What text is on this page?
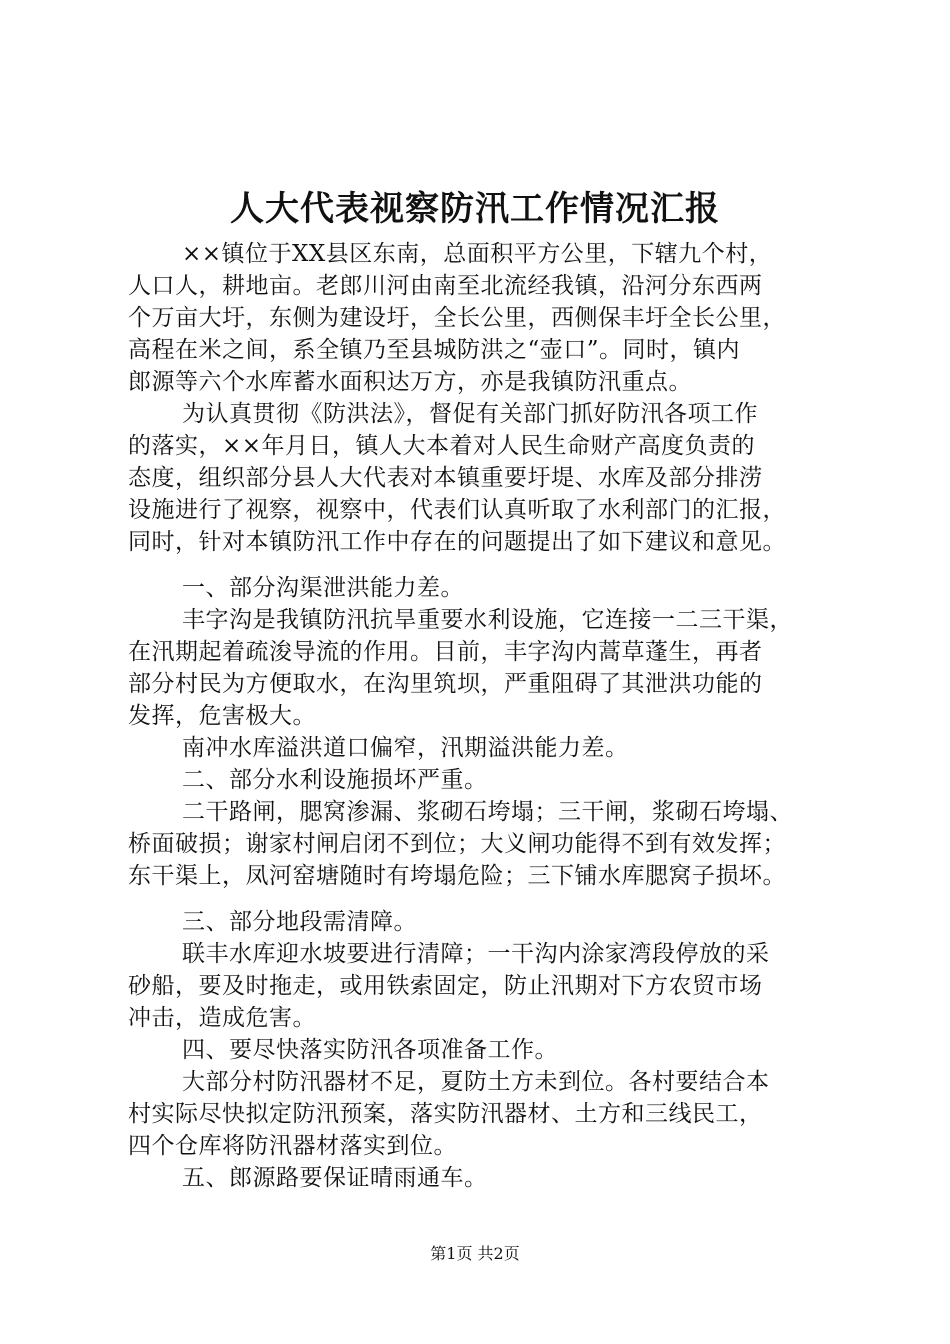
人大代表视察防汛工作情况汇报
××镇位于XX县区东南，总面积平方公里，下辖九个村，
人口人，耕地亩。老郎川河由南至北流经我镇，沿河分东西两
个万亩大圩，东侧为建设圩，全长公里，西侧保丰圩全长公里，
高程在米之间，系全镇乃至县城防洪之“壶口”。同时，镇内
郎源等六个水库蓄水面积达万方，亦是我镇防汛重点。
为认真贯彻《防洪法》，督促有关部门抓好防汛各项工作
的落实，××年月日，镇人大本着对人民生命财产高度负责的
态度，组织部分县人大代表对本镇重要圩堤、水库及部分排涝
设施进行了视察，视察中，代表们认真听取了水利部门的汇报，
同时，针对本镇防汛工作中存在的问题提出了如下建议和意见。
一、部分沟渠泄洪能力差。
丰字沟是我镇防汛抗旱重要水利设施，它连接一二三干渠，
在汛期起着疏浚导流的作用。目前，丰字沟内蒿草蓬生，再者
部分村民为方便取水，在沟里筑坝，严重阻碍了其泄洪功能的
发挥，危害极大。
南冲水库溢洪道口偏窄，汛期溢洪能力差。
二、部分水利设施损坏严重。
二干路闸，腮窝渗漏、浆砌石垮塌；三干闸，浆砌石垮塌、
桥面破损；谢家村闸启闭不到位；大义闸功能得不到有效发挥；
东干渠上，凤河窑塘随时有垮塌危险；三下铺水库腮窝子损坏。
三、部分地段需清障。
联丰水库迎水坡要进行清障；一干沟内涂家湾段停放的采
砂船，要及时拖走，或用铁索固定，防止汛期对下方农贸市场
冲击，造成危害。
四、要尽快落实防汛各项准备工作。
大部分村防汛器材不足，夏防土方未到位。各村要结合本
村实际尽快拟定防汛预案，落实防汛器材、土方和三线民工，
四个仓库将防汛器材落实到位。
五、郎源路要保证晴雨通车。
第1页 共2页
